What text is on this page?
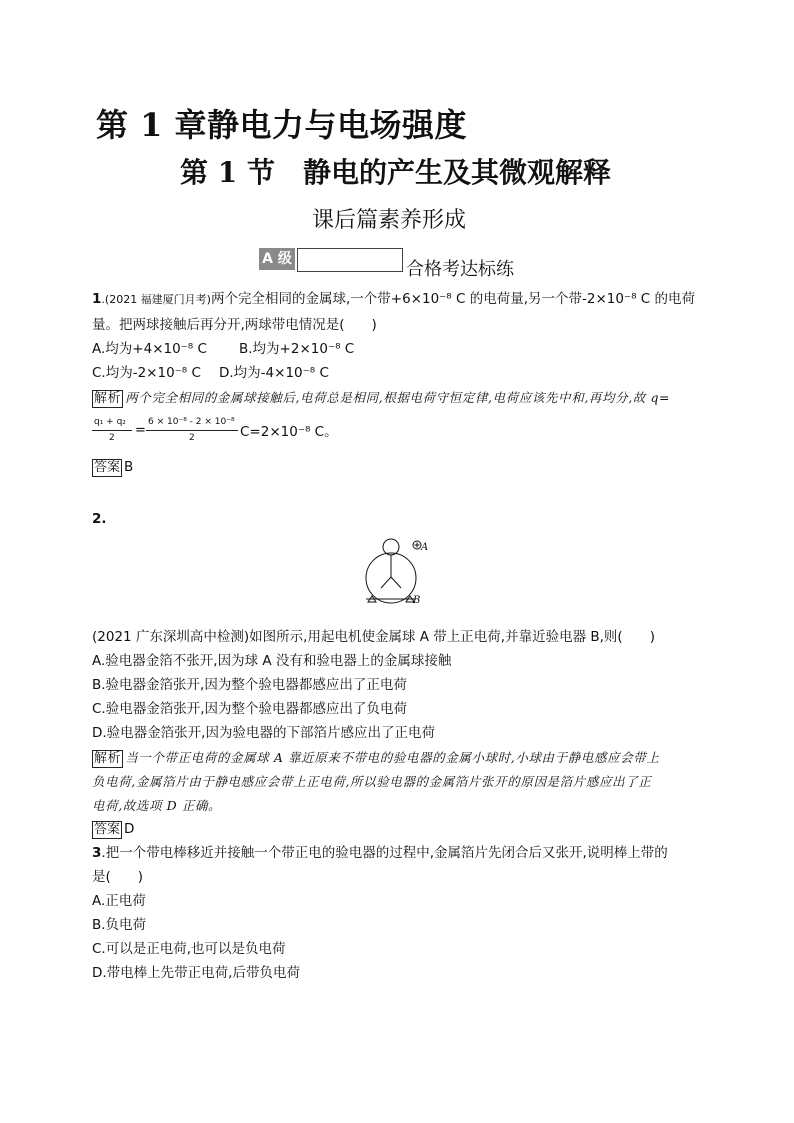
第 1 章静电力与电场强度
第 1 节　静电的产生及其微观解释
课后篇素养形成
A 级	合格考达标练
1.(2021 福建厦门月考)两个完全相同的金属球,一个带+6×10⁻⁸ C 的电荷量,另一个带-2×10⁻⁸ C 的电荷
量。把两球接触后再分开,两球带电情况是(　　)
A.均为+4×10⁻⁸ C B.均为+2×10⁻⁸ C
C.均为-2×10⁻⁸ C D.均为-4×10⁻⁸ C
解析 两个完全相同的金属球接触后,电荷总是相同,根据电荷守恒定律,电荷应该先中和,再均分,故 q=
q₁ + q₂
2 =
6 × 10⁻⁸ - 2 × 10⁻⁸
2	C=2×10⁻⁸ C。
答案 B
2.
A
B
(2021 广东深圳高中检测)如图所示,用起电机使金属球 A 带上正电荷,并靠近验电器 B,则(　　)
A.验电器金箔不张开,因为球 A 没有和验电器上的金属球接触
B.验电器金箔张开,因为整个验电器都感应出了正电荷
C.验电器金箔张开,因为整个验电器都感应出了负电荷
D.验电器金箔张开,因为验电器的下部箔片感应出了正电荷
解析 当一个带正电荷的金属球 A 靠近原来不带电的验电器的金属小球时,小球由于静电感应会带上
负电荷,金属箔片由于静电感应会带上正电荷,所以验电器的金属箔片张开的原因是箔片感应出了正
电荷,故选项 D 正确。
答案 D
3.把一个带电棒移近并接触一个带正电的验电器的过程中,金属箔片先闭合后又张开,说明棒上带的
是(　　)
A.正电荷
B.负电荷
C.可以是正电荷,也可以是负电荷
D.带电棒上先带正电荷,后带负电荷
